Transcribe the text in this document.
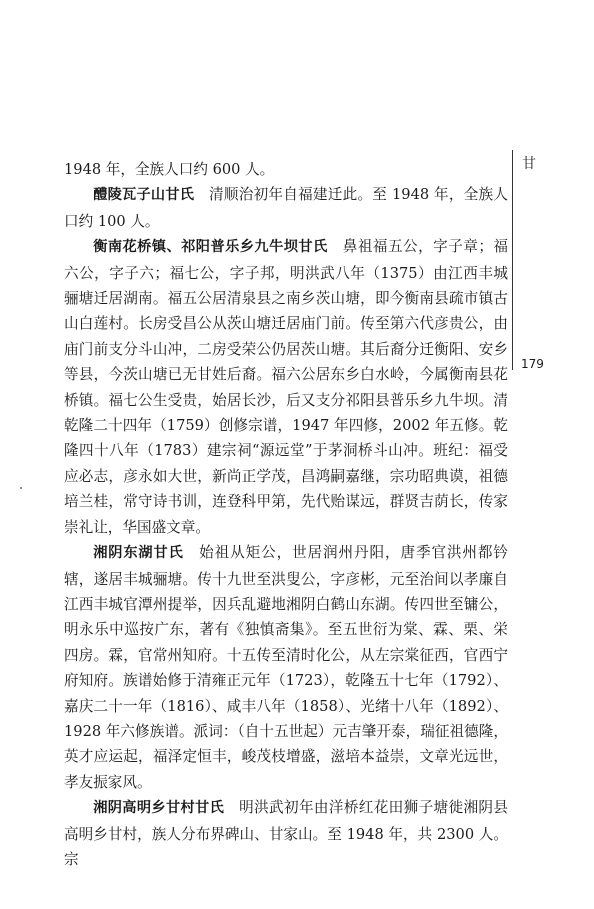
1948 年，全族人口约 600 人。

醴陵瓦子山甘氏　清顺治初年自福建迁此。至 1948 年，全族人口约 100 人。

衡南花桥镇、祁阳普乐乡九牛坝甘氏　鼻祖福五公，字子章；福六公，字子六；福七公，字子邦，明洪武八年（1375）由江西丰城骊塘迁居湖南。福五公居清泉县之南乡茨山塘，即今衡南县疏市镇古山白莲村。长房受昌公从茨山塘迁居庙门前。传至第六代彦贵公，由庙门前支分斗山冲，二房受荣公仍居茨山塘。其后裔分迁衡阳、安乡等县，今茨山塘已无甘姓后裔。福六公居东乡白水岭，今属衡南县花桥镇。福七公生受贵，始居长沙，后又支分祁阳县普乐乡九牛坝。清乾隆二十四年（1759）创修宗谱，1947 年四修，2002 年五修。乾隆四十八年（1783）建宗祠“源远堂”于茅洞桥斗山冲。班纪：福受应必志，彦永如大世，新尚正学茂，昌鸿嗣嘉继，宗功昭典谟，祖德培兰桂，常守诗书训，连登科甲第，先代贻谋远，群贤吉荫长，传家崇礼让，华国盛文章。

湘阴东湖甘氏　始祖从矩公，世居润州丹阳，唐季官洪州都钤辖，遂居丰城骊塘。传十九世至洪叟公，字彦彬，元至治间以孝廉自江西丰城官潭州提举，因兵乱避地湘阴白鹤山东湖。传四世至镛公，明永乐中巡按广东，著有《独慎斋集》。至五世衍为棠、霖、栗、栄四房。霖，官常州知府。十五传至清时化公，从左宗棠征西，官西宁府知府。族谱始修于清雍正元年（1723），乾隆五十七年（1792）、嘉庆二十一年（1816）、咸丰八年（1858）、光绪十八年（1892）、1928 年六修族谱。派词：（自十五世起）元吉肇开泰，瑞征祖德隆，英才应运起，福泽定恒丰，峻茂枝增盛，滋培本益崇，文章光远世，孝友振家风。

湘阴高明乡甘村甘氏　明洪武初年由洋桥红花田狮子塘徙湘阴县高明乡甘村，族人分布界碑山、甘家山。至 1948 年，共 2300 人。宗

甘
179
